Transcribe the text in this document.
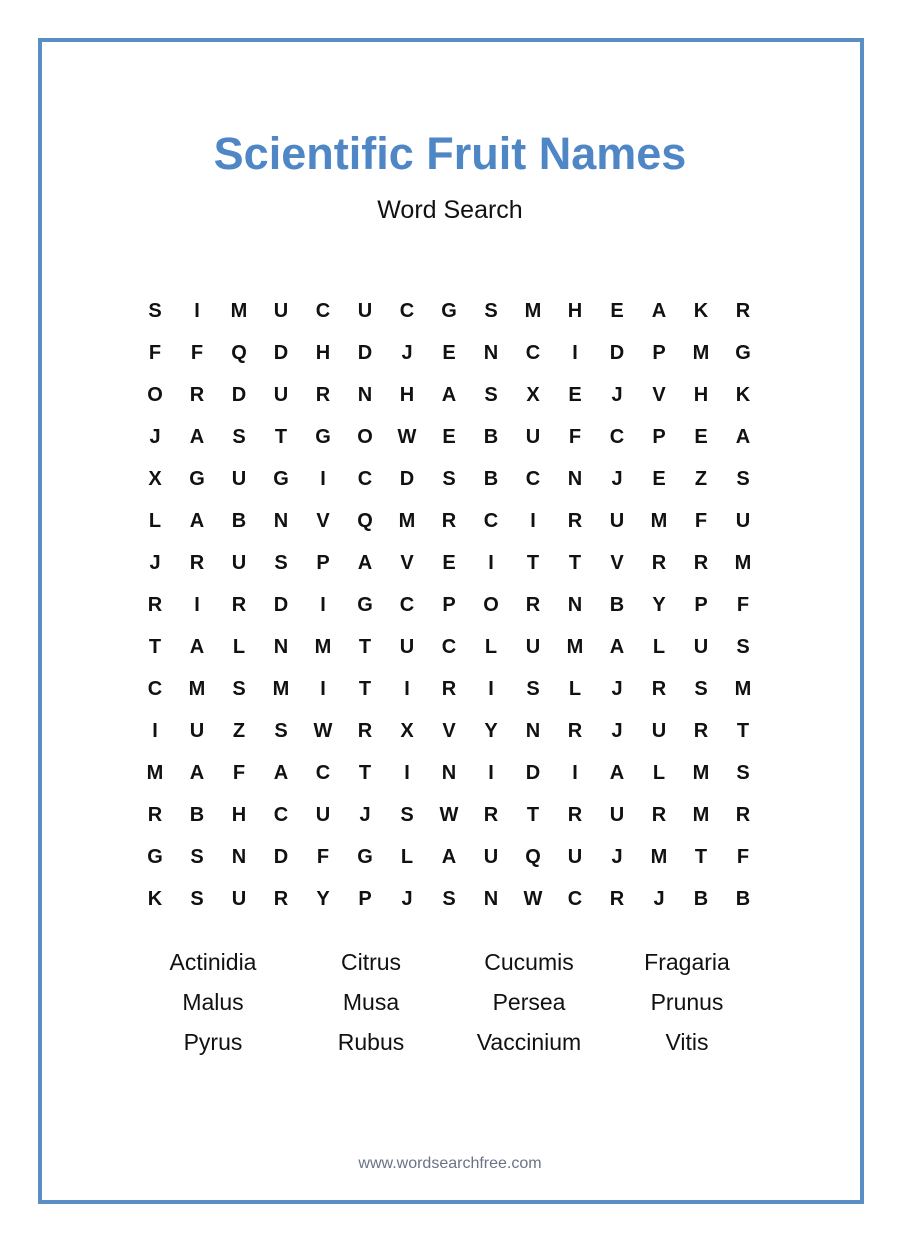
Scientific Fruit Names
Word Search
S	I	M	U	C	U	C	G	S	M	H	E	A	K	R
F	F	Q	D	H	D	J	E	N	C	I	D	P	M	G
O	R	D	U	R	N	H	A	S	X	E	J	V	H	K
J	A	S	T	G	O	W	E	B	U	F	C	P	E	A
X	G	U	G	I	C	D	S	B	C	N	J	E	Z	S
L	A	B	N	V	Q	M	R	C	I	R	U	M	F	U
J	R	U	S	P	A	V	E	I	T	T	V	R	R	M
R	I	R	D	I	G	C	P	O	R	N	B	Y	P	F
T	A	L	N	M	T	U	C	L	U	M	A	L	U	S
C	M	S	M	I	T	I	R	I	S	L	J	R	S	M
I	U	Z	S	W	R	X	V	Y	N	R	J	U	R	T
M	A	F	A	C	T	I	N	I	D	I	A	L	M	S
R	B	H	C	U	J	S	W	R	T	R	U	R	M	R
G	S	N	D	F	G	L	A	U	Q	U	J	M	T	F
K	S	U	R	Y	P	J	S	N	W	C	R	J	B	B
Actinidia	Citrus	Cucumis	Fragaria
Malus	Musa	Persea	Prunus
Pyrus	Rubus	Vaccinium	Vitis
www.wordsearchfree.com
